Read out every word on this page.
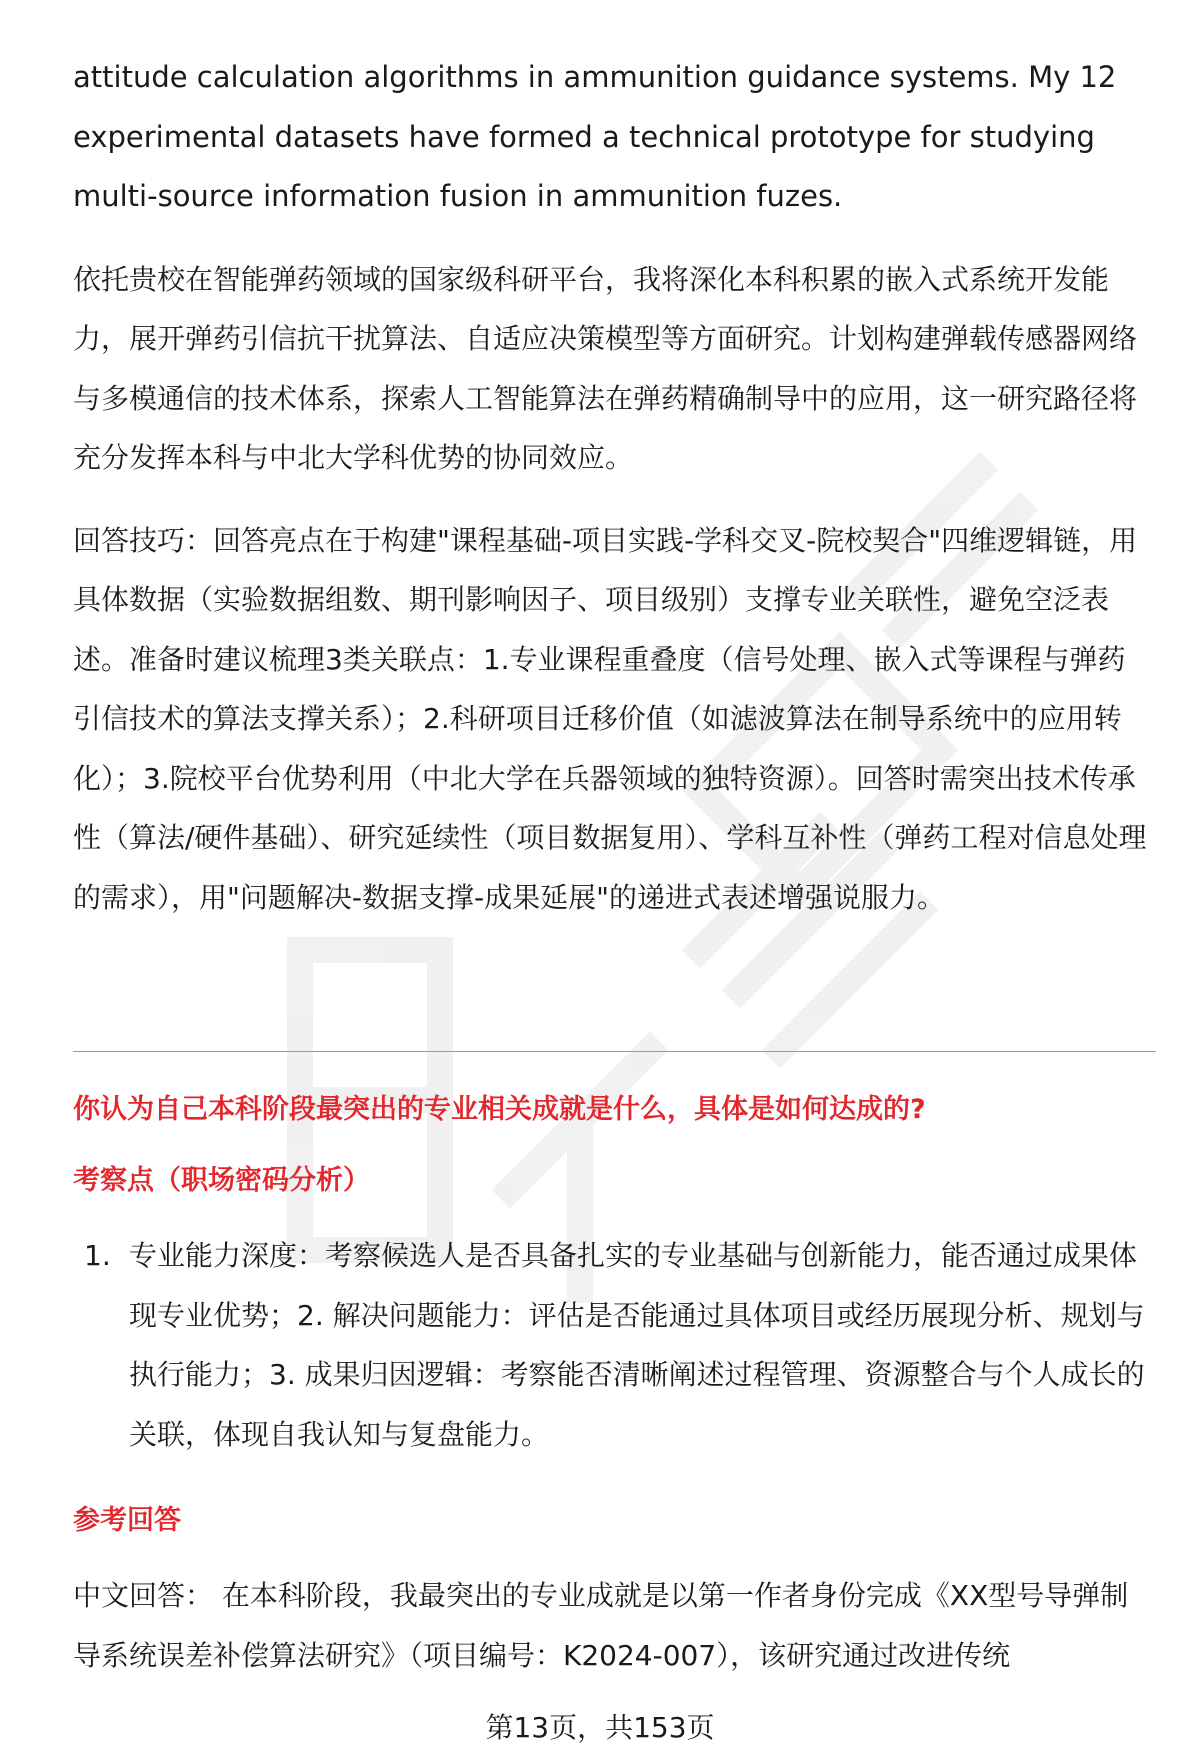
attitude calculation algorithms in ammunition guidance systems. My 12 experimental datasets have formed a technical prototype for studying multi-source information fusion in ammunition fuzes.

依托贵校在智能弹药领域的国家级科研平台，我将深化本科积累的嵌入式系统开发能力，展开弹药引信抗干扰算法、自适应决策模型等方面研究。计划构建弹载传感器网络与多模通信的技术体系，探索人工智能算法在弹药精确制导中的应用，这一研究路径将充分发挥本科与中北大学科优势的协同效应。

回答技巧：回答亮点在于构建"课程基础-项目实践-学科交叉-院校契合"四维逻辑链，用具体数据（实验数据组数、期刊影响因子、项目级别）支撑专业关联性，避免空泛表述。准备时建议梳理3类关联点：1.专业课程重叠度（信号处理、嵌入式等课程与弹药引信技术的算法支撑关系）；2.科研项目迁移价值（如滤波算法在制导系统中的应用转化）；3.院校平台优势利用（中北大学在兵器领域的独特资源）。回答时需突出技术传承性（算法/硬件基础）、研究延续性（项目数据复用）、学科互补性（弹药工程对信息处理的需求），用"问题解决-数据支撑-成果延展"的递进式表述增强说服力。

你认为自己本科阶段最突出的专业相关成就是什么，具体是如何达成的?
考察点（职场密码分析）
1. 专业能力深度：考察候选人是否具备扎实的专业基础与创新能力，能否通过成果体现专业优势；2. 解决问题能力：评估是否能通过具体项目或经历展现分析、规划与执行能力；3. 成果归因逻辑：考察能否清晰阐述过程管理、资源整合与个人成长的关联，体现自我认知与复盘能力。
参考回答

中文回答： 在本科阶段，我最突出的专业成就是以第一作者身份完成《XX型号导弹制导系统误差补偿算法研究》（项目编号：K2024-007），该研究通过改进传统

第13页，共153页
